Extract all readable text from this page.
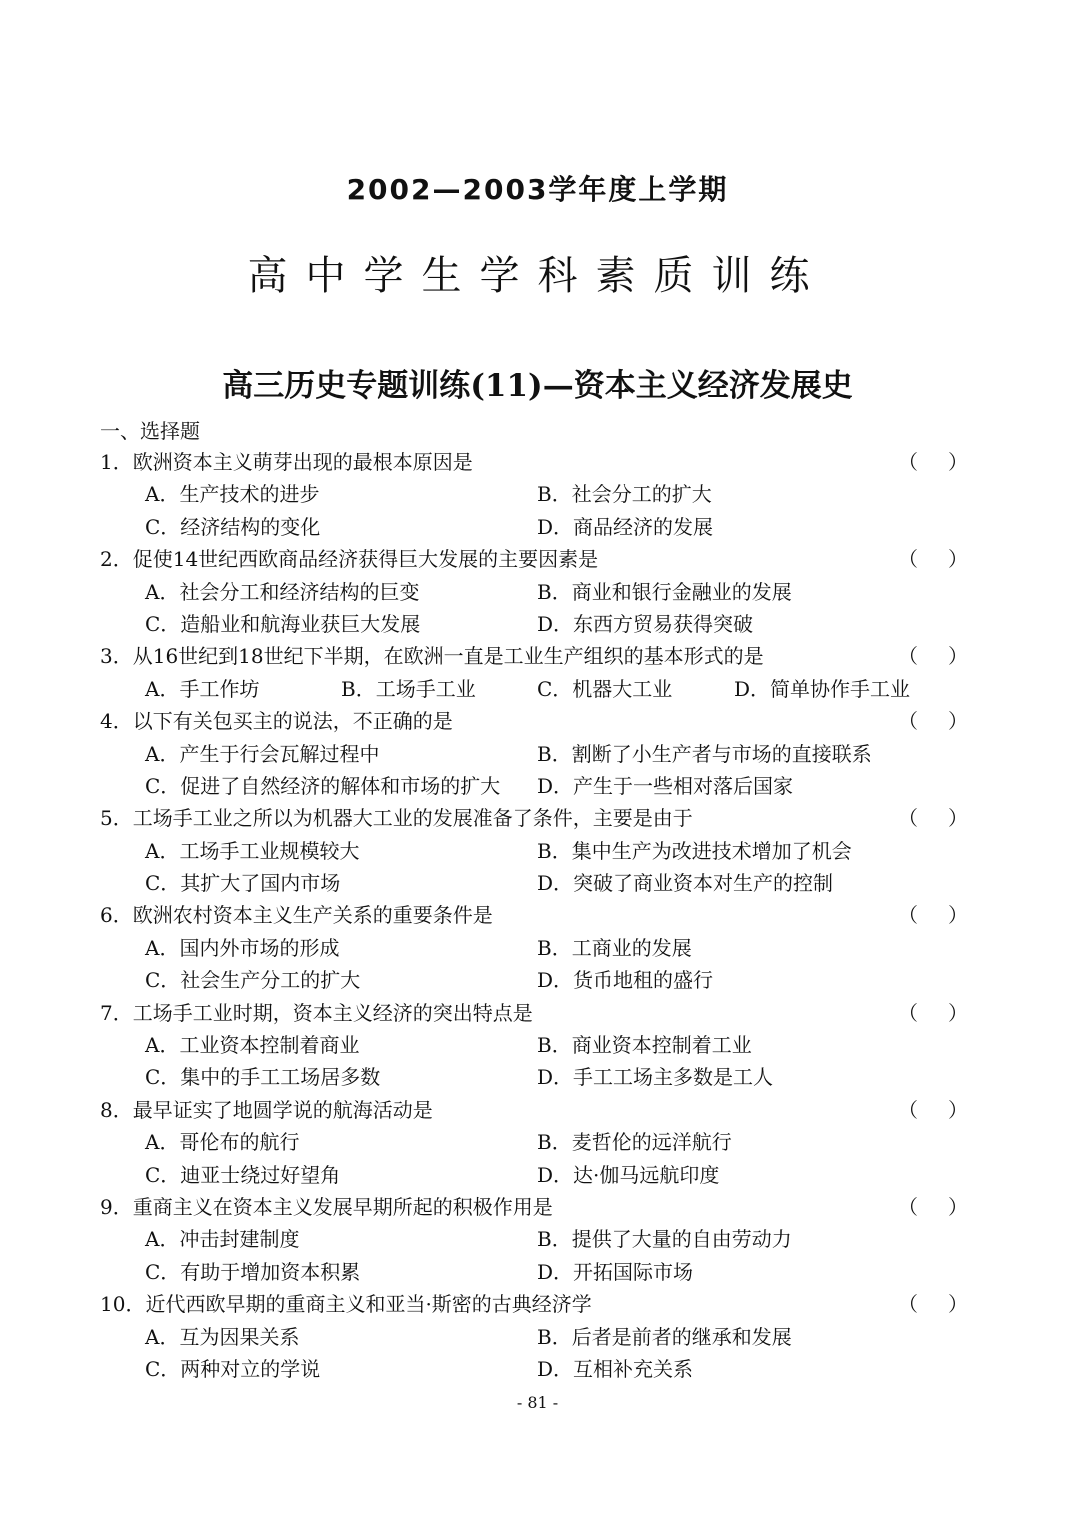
2002—2003学年度上学期
高中学生学科素质训练
高三历史专题训练(11)—资本主义经济发展史
一、选择题
1．欧洲资本主义萌芽出现的最根本原因是	（ ）
A．生产技术的进步	B．社会分工的扩大
C．经济结构的变化	D．商品经济的发展
2．促使14世纪西欧商品经济获得巨大发展的主要因素是	（ ）
A．社会分工和经济结构的巨变	B．商业和银行金融业的发展
C．造船业和航海业获巨大发展	D．东西方贸易获得突破
3．从16世纪到18世纪下半期，在欧洲一直是工业生产组织的基本形式的是	（ ）
A．手工作坊	B．工场手工业	C．机器大工业	D．简单协作手工业
4．以下有关包买主的说法，不正确的是	（ ）
A．产生于行会瓦解过程中	B．割断了小生产者与市场的直接联系
C．促进了自然经济的解体和市场的扩大 D．产生于一些相对落后国家
5．工场手工业之所以为机器大工业的发展准备了条件，主要是由于	（ ）
A．工场手工业规模较大	B．集中生产为改进技术增加了机会
C．其扩大了国内市场	D．突破了商业资本对生产的控制
6．欧洲农村资本主义生产关系的重要条件是	（ ）
A．国内外市场的形成	B．工商业的发展
C．社会生产分工的扩大	D．货币地租的盛行
7．工场手工业时期，资本主义经济的突出特点是	（ ）
A．工业资本控制着商业	B．商业资本控制着工业
C．集中的手工工场居多数	D．手工工场主多数是工人
8．最早证实了地圆学说的航海活动是	（ ）
A．哥伦布的航行	B．麦哲伦的远洋航行
C．迪亚士绕过好望角	D．达·伽马远航印度
9．重商主义在资本主义发展早期所起的积极作用是	（ ）
A．冲击封建制度	B．提供了大量的自由劳动力
C．有助于增加资本积累	D．开拓国际市场
10．近代西欧早期的重商主义和亚当·斯密的古典经济学	（ ）
A．互为因果关系	B．后者是前者的继承和发展
C．两种对立的学说	D．互相补充关系
- 81 -
